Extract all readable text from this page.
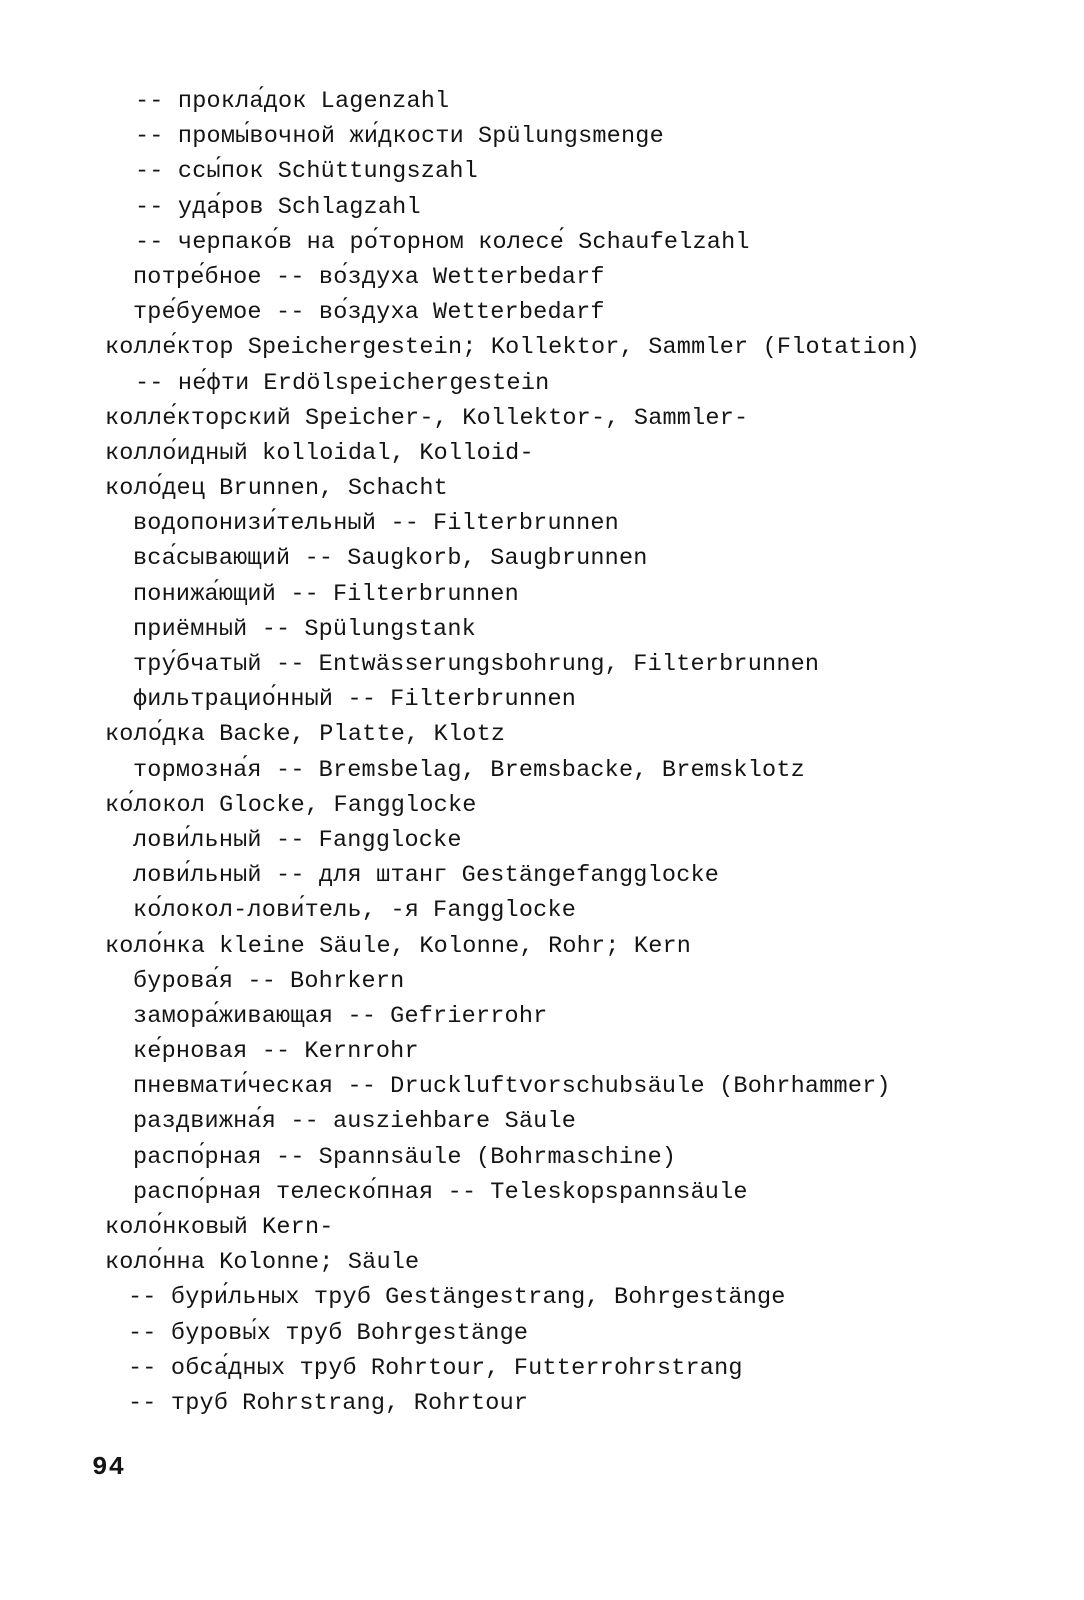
-- прокла́док Lagenzahl
-- промы́вочной жи́дкости Spülungsmenge
-- ссы́пок Schüttungszahl
-- уда́ров Schlagzahl
-- черпако́в на ро́торном колесе́ Schaufelzahl
потре́бное -- во́здуха Wetterbedarf
тре́буемое -- во́здуха Wetterbedarf
колле́ктор Speichergestein; Kollektor, Sammler (Flotation)
-- не́фти Erdölspeichergestein
колле́кторский Speicher-, Kollektor-, Sammler-
колло́идный kolloidal, Kolloid-
коло́дец Brunnen, Schacht
водопонизи́тельный -- Filterbrunnen
вса́сывающий -- Saugkorb, Saugbrunnen
понижа́ющий -- Filterbrunnen
приёмный -- Spülungstank
тру́бчатый -- Entwässerungsbohrung, Filterbrunnen
фильтрацио́нный -- Filterbrunnen
коло́дка Backe, Platte, Klotz
тормозна́я -- Bremsbelag, Bremsbacke, Bremsklotz
ко́локол Glocke, Fangglocke
лови́льный -- Fangglocke
лови́льный -- для штанг Gestängefangglocke
ко́локол-лови́тель, -я Fangglocke
коло́нка kleine Säule, Kolonne, Rohr; Kern
бурова́я -- Bohrkern
замора́живающая -- Gefrierrohr
ке́рновая -- Kernrohr
пневмати́ческая -- Druckluftvorschubsäule (Bohrhammer)
раздвижна́я -- ausziehbare Säule
распо́рная -- Spannsäule (Bohrmaschine)
распо́рная телеско́пная -- Teleskopspannsäule
коло́нковый Kern-
коло́нна Kolonne; Säule
-- бури́льных труб Gestängestrang, Bohrgestänge
-- буровы́х труб Bohrgestänge
-- обса́дных труб Rohrtour, Futterrohrstrang
-- труб Rohrstrang, Rohrtour
94
